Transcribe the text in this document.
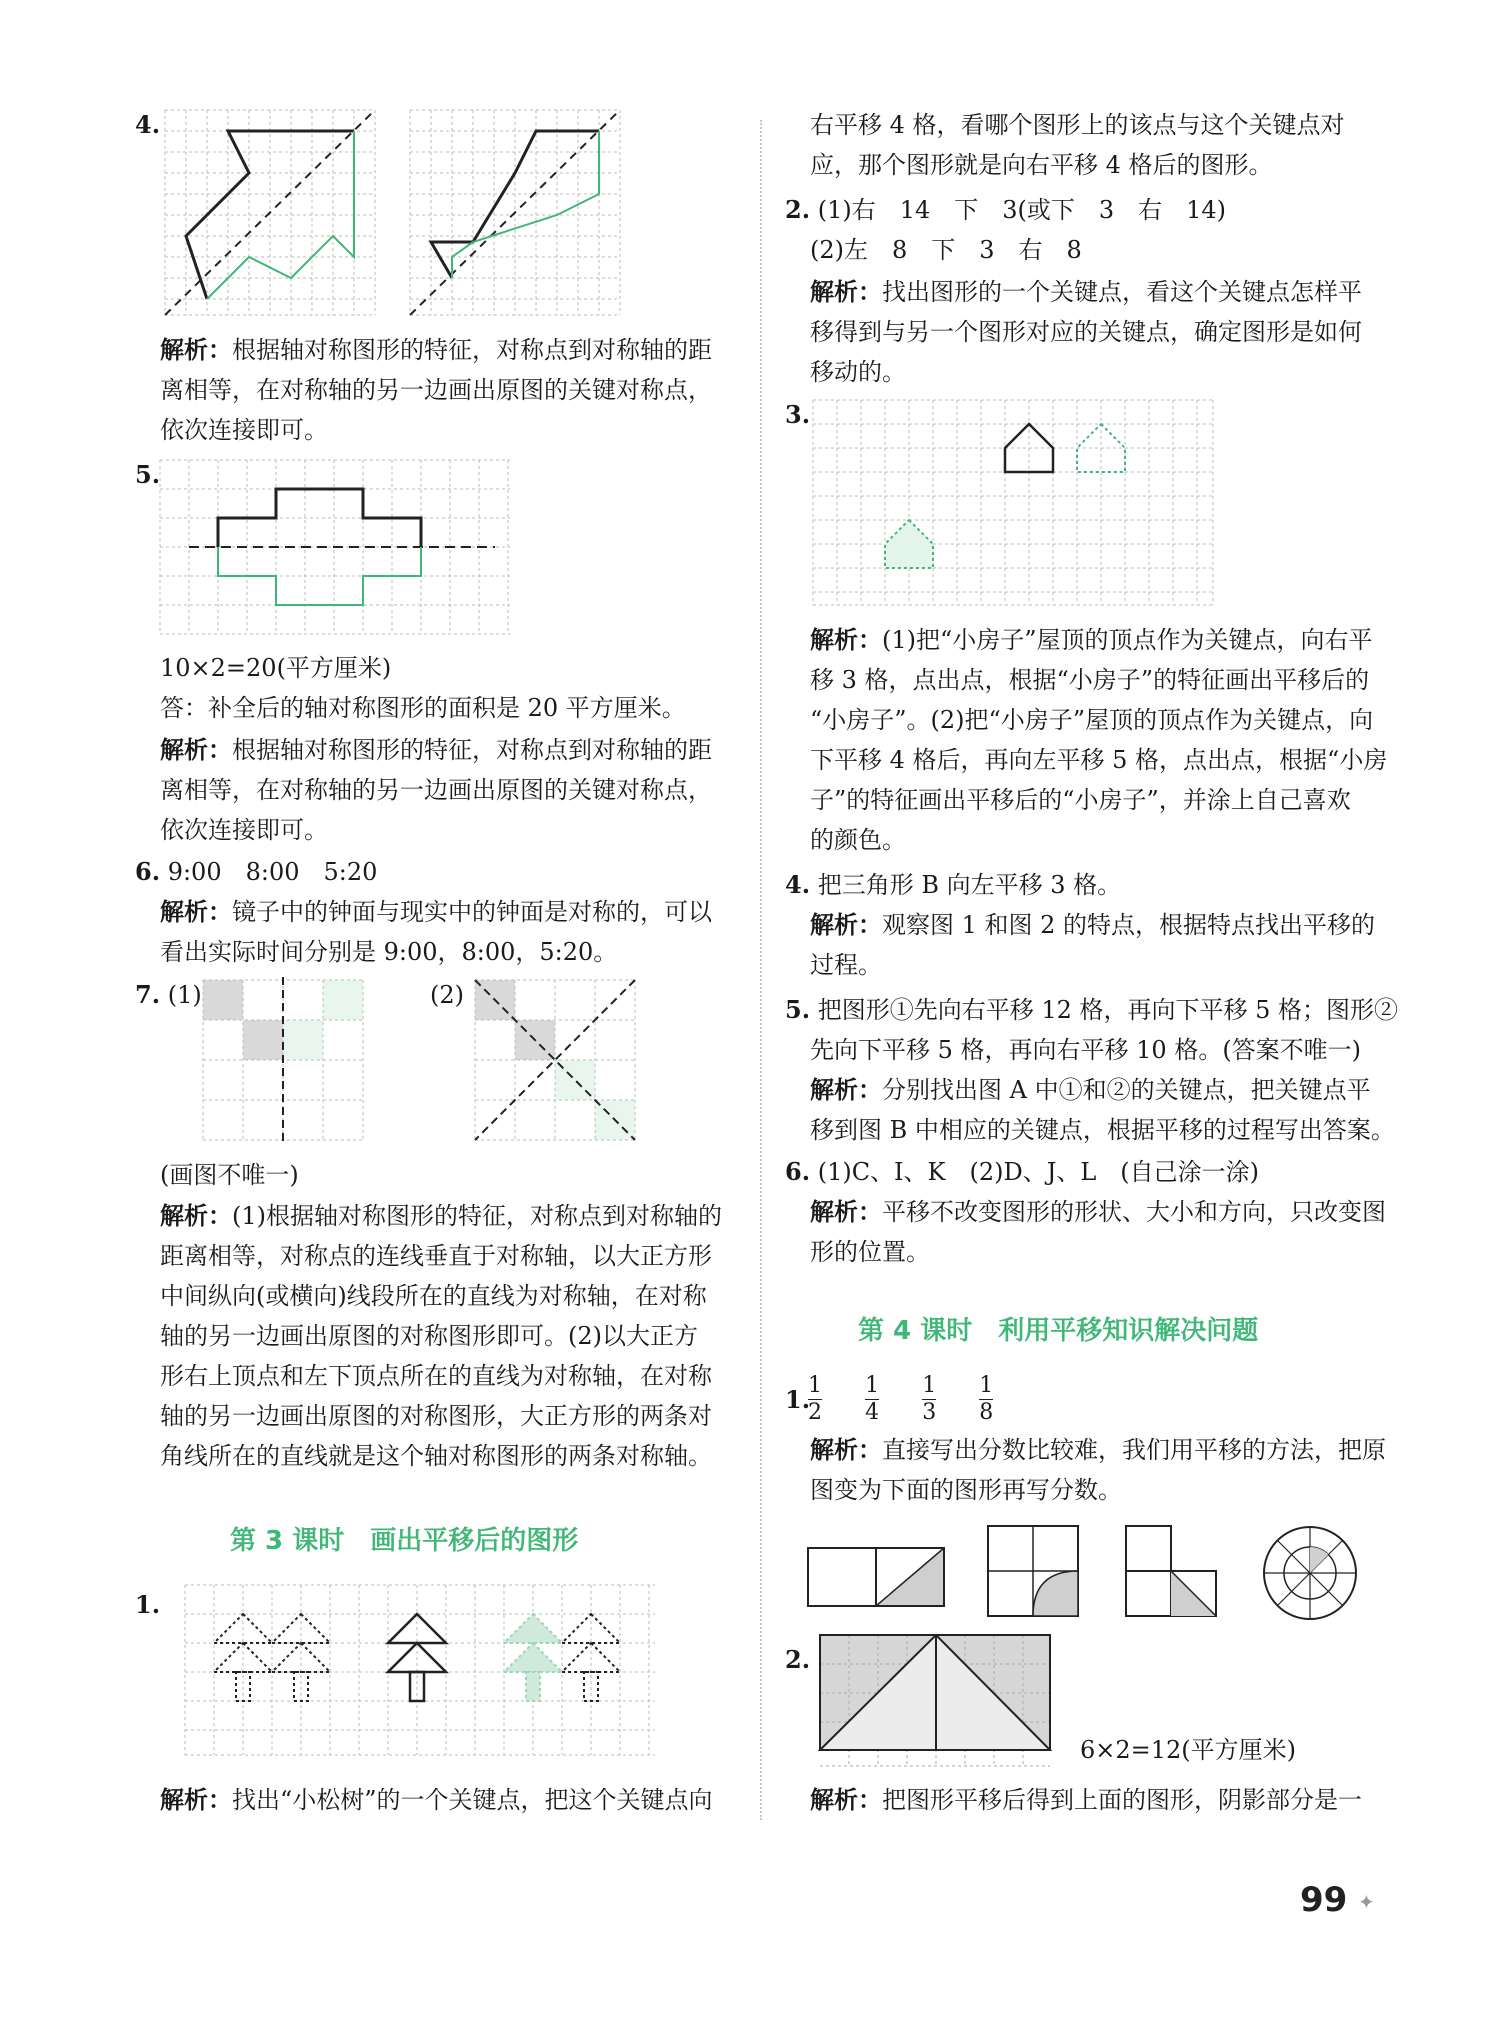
4.
解析：根据轴对称图形的特征，对称点到对称轴的距
离相等，在对称轴的另一边画出原图的关键对称点，
依次连接即可。
5.
10×2=20(平方厘米)
答：补全后的轴对称图形的面积是 20 平方厘米。
解析：根据轴对称图形的特征，对称点到对称轴的距
离相等，在对称轴的另一边画出原图的关键对称点，
依次连接即可。
6. 9:00　8:00　5:20
解析：镜子中的钟面与现实中的钟面是对称的，可以
看出实际时间分别是 9:00，8:00，5:20。
7. (1)	(2)
(画图不唯一)
解析：(1)根据轴对称图形的特征，对称点到对称轴的
距离相等，对称点的连线垂直于对称轴，以大正方形
中间纵向(或横向)线段所在的直线为对称轴，在对称
轴的另一边画出原图的对称图形即可。(2)以大正方
形右上顶点和左下顶点所在的直线为对称轴，在对称
轴的另一边画出原图的对称图形，大正方形的两条对
角线所在的直线就是这个轴对称图形的两条对称轴。
第 3 课时　画出平移后的图形
1.
解析：找出“小松树”的一个关键点，把这个关键点向
右平移 4 格，看哪个图形上的该点与这个关键点对
应，那个图形就是向右平移 4 格后的图形。
2. (1)右　14　下　3(或下　3　右　14)
(2)左　8　下　3　右　8
解析：找出图形的一个关键点，看这个关键点怎样平
移得到与另一个图形对应的关键点，确定图形是如何
移动的。
3.
解析：(1)把“小房子”屋顶的顶点作为关键点，向右平
移 3 格，点出点，根据“小房子”的特征画出平移后的
“小房子”。(2)把“小房子”屋顶的顶点作为关键点，向
下平移 4 格后，再向左平移 5 格，点出点，根据“小房
子”的特征画出平移后的“小房子”，并涂上自己喜欢
的颜色。
4. 把三角形 B 向左平移 3 格。
解析：观察图 1 和图 2 的特点，根据特点找出平移的
过程。
5. 把图形①先向右平移 12 格，再向下平移 5 格；图形②
先向下平移 5 格，再向右平移 10 格。(答案不唯一)
解析：分别找出图 A 中①和②的关键点，把关键点平
移到图 B 中相应的关键点，根据平移的过程写出答案。
6. (1)C、I、K　(2)D、J、L　(自己涂一涂)
解析：平移不改变图形的形状、大小和方向，只改变图
形的位置。
第 4 课时　利用平移知识解决问题
1.
$\frac{1}{2}$
$\frac{1}{4}$
$\frac{1}{3}$
$\frac{1}{8}$
解析：直接写出分数比较难，我们用平移的方法，把原
图变为下面的图形再写分数。
2.
6×2=12(平方厘米)
解析：把图形平移后得到上面的图形，阴影部分是一
99 ✦
